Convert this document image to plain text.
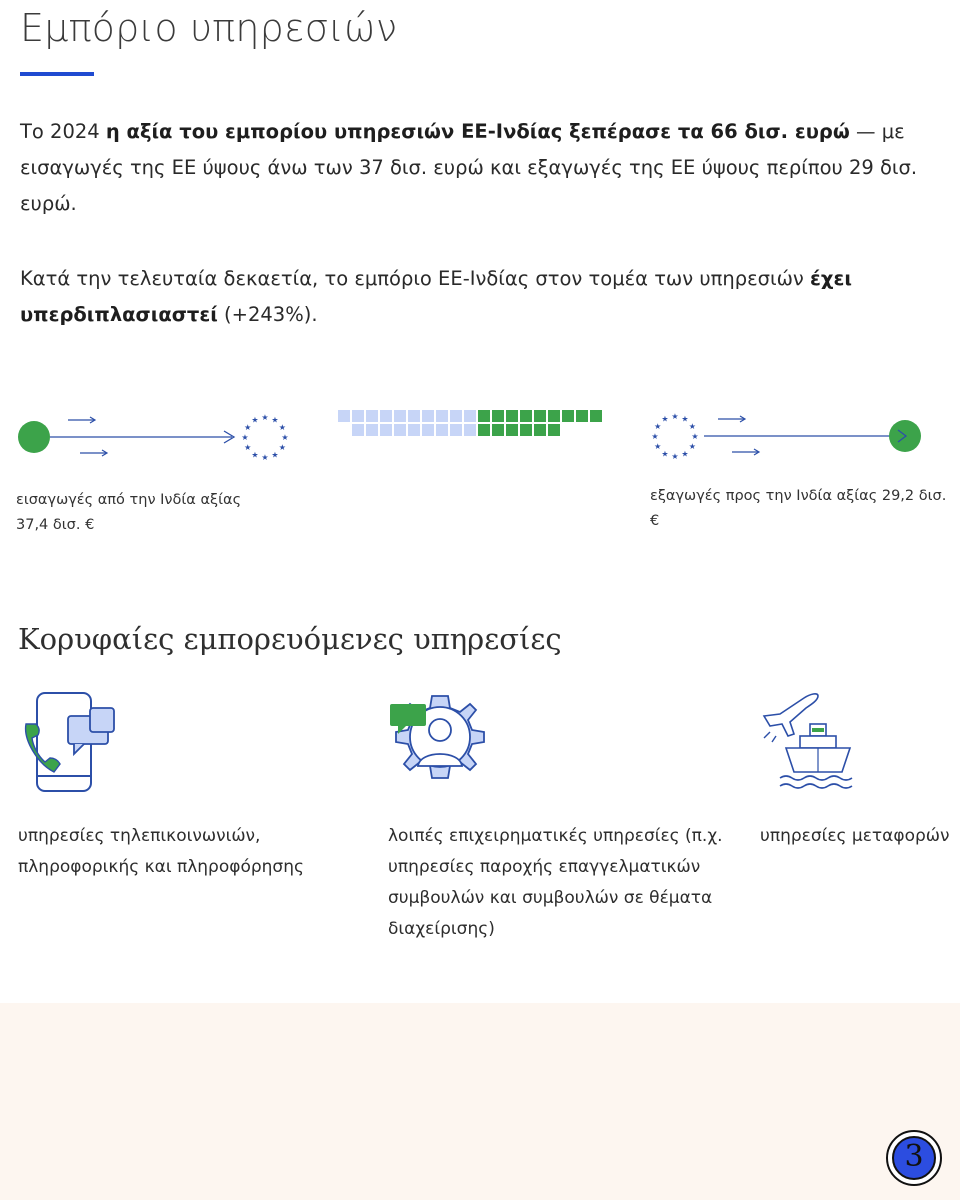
Εμπόριο υπηρεσιών

Το 2024 η αξία του εμπορίου υπηρεσιών ΕΕ-Ινδίας ξεπέρασε τα 66 δισ. ευρώ — με εισαγωγές της ΕΕ ύψους άνω των 37 δισ. ευρώ και εξαγωγές της ΕΕ ύψους περίπου 29 δισ. ευρώ.

Κατά την τελευταία δεκαετία, το εμπόριο ΕΕ-Ινδίας στον τομέα των υπηρεσιών έχει υπερδιπλασιαστεί (+243%).

★
★
★
★
★
★
★
★
★ ★ ★
★
★
★
★
★
★
★
★
★
★ ★ ★
★

εισαγωγές από την Ινδία αξίας 37,4 δισ. €

εξαγωγές προς την Ινδία αξίας 29,2 δισ. €

Κορυφαίες εμπορευόμενες υπηρεσίες

υπηρεσίες τηλεπικοινωνιών, πληροφορικής και πληροφόρησης

λοιπές επιχειρηματικές υπηρεσίες (π.χ. υπηρεσίες παροχής επαγγελματικών συμβουλών και συμβουλών σε θέματα διαχείρισης)

υπηρεσίες μεταφορών

3
